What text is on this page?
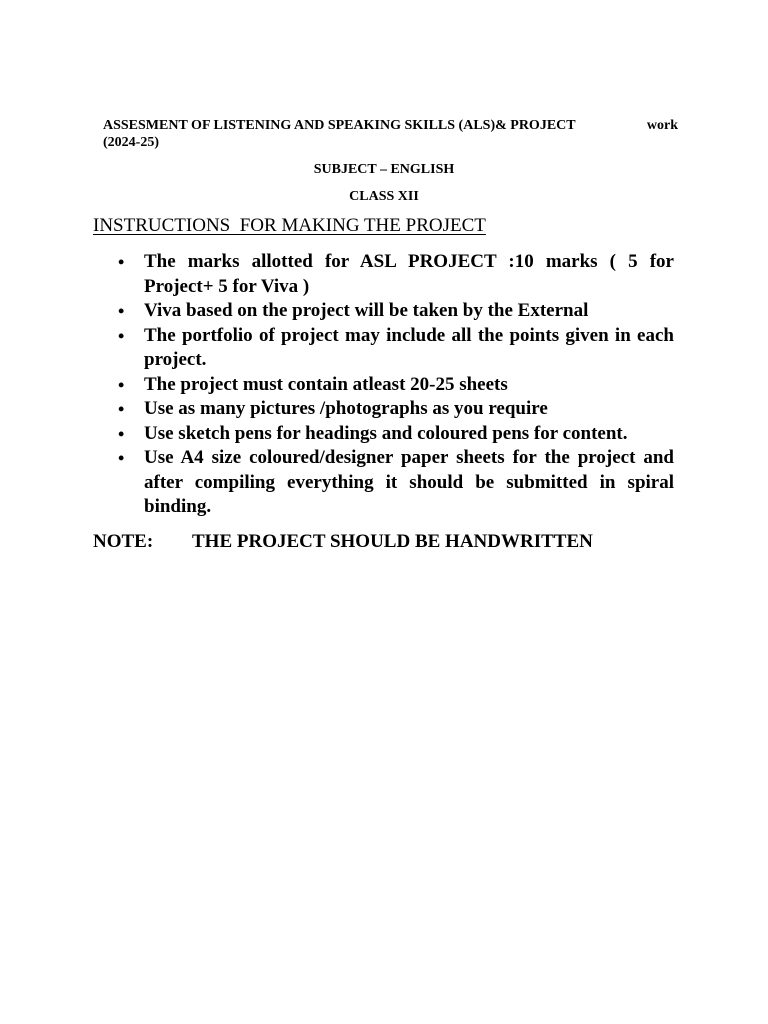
work
ASSESMENT OF LISTENING AND SPEAKING SKILLS (ALS)& PROJECT
(2024-25)
SUBJECT – ENGLISH
CLASS XII
INSTRUCTIONS  FOR MAKING THE PROJECT
• The marks allotted for ASL PROJECT :10 marks ( 5 for Project+ 5 for Viva )
• Viva based on the project will be taken by the External
• The portfolio of project may include all the points given in each project.
• The project must contain atleast 20-25 sheets
• Use as many pictures /photographs as you require
• Use sketch pens for headings and coloured pens for content.
• Use A4 size coloured/designer paper sheets for the project and after compiling everything it should be submitted in spiral binding.
NOTE: THE PROJECT SHOULD BE HANDWRITTEN
